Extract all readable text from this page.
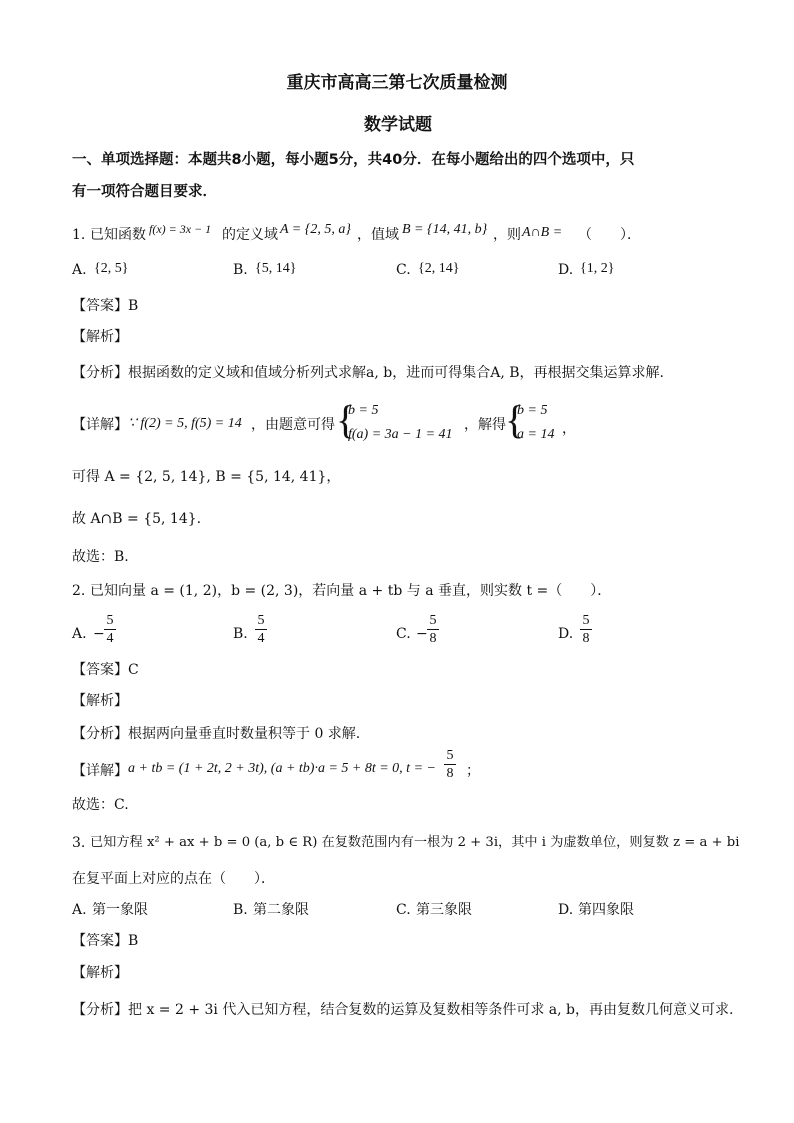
重庆市高高三第七次质量检测
数学试题
一、单项选择题：本题共8小题，每小题5分，共40分．在每小题给出的四个选项中，只
有一项符合题目要求．
1. 已知函数 f(x) = 3x − 1 的定义域 A = {2, 5, a} ，值域 B = {14, 41, b} ，则 A∩B = （　　）．
A. {2, 5}	B. {5, 14}	C. {2, 14}	D. {1, 2}
【答案】 B
【解析】
【分析】 根据函数的定义域和值域分析列式求解a, b，进而可得集合A, B，再根据交集运算求解.
【详解】 ∵ f(2) = 5, f(5) = 14 ，由题意可得 {
b = 5
f(a) = 3a − 1 = 41
，解得 {
b = 5
a = 14 ，
可得 A = {2, 5, 14}, B = {5, 14, 41}，
故 A∩B = {5, 14}.
故选：B.
2. 已知向量 a = (1, 2)，b = (2, 3)，若向量 a + tb 与 a 垂直，则实数 t =（　　）．
A. −
5
4	B.
5
4	C. −
5
8	D.
5
8
【答案】 C
【解析】
【分析】 根据两向量垂直时数量积等于 0 求解.
【详解】 a + tb = (1 + 2t, 2 + 3t), (a + tb)·a = 5 + 8t = 0, t = −
5
8 ；
故选：C.
3. 已知方程 x² + ax + b = 0 (a, b ∈ R) 在复数范围内有一根为 2 + 3i，其中 i 为虚数单位，则复数 z = a + bi
在复平面上对应的点在（　　）．
A. 第一象限	B. 第二象限	C. 第三象限	D. 第四象限
【答案】 B
【解析】
【分析】 把 x = 2 + 3i 代入已知方程，结合复数的运算及复数相等条件可求 a, b，再由复数几何意义可求.
